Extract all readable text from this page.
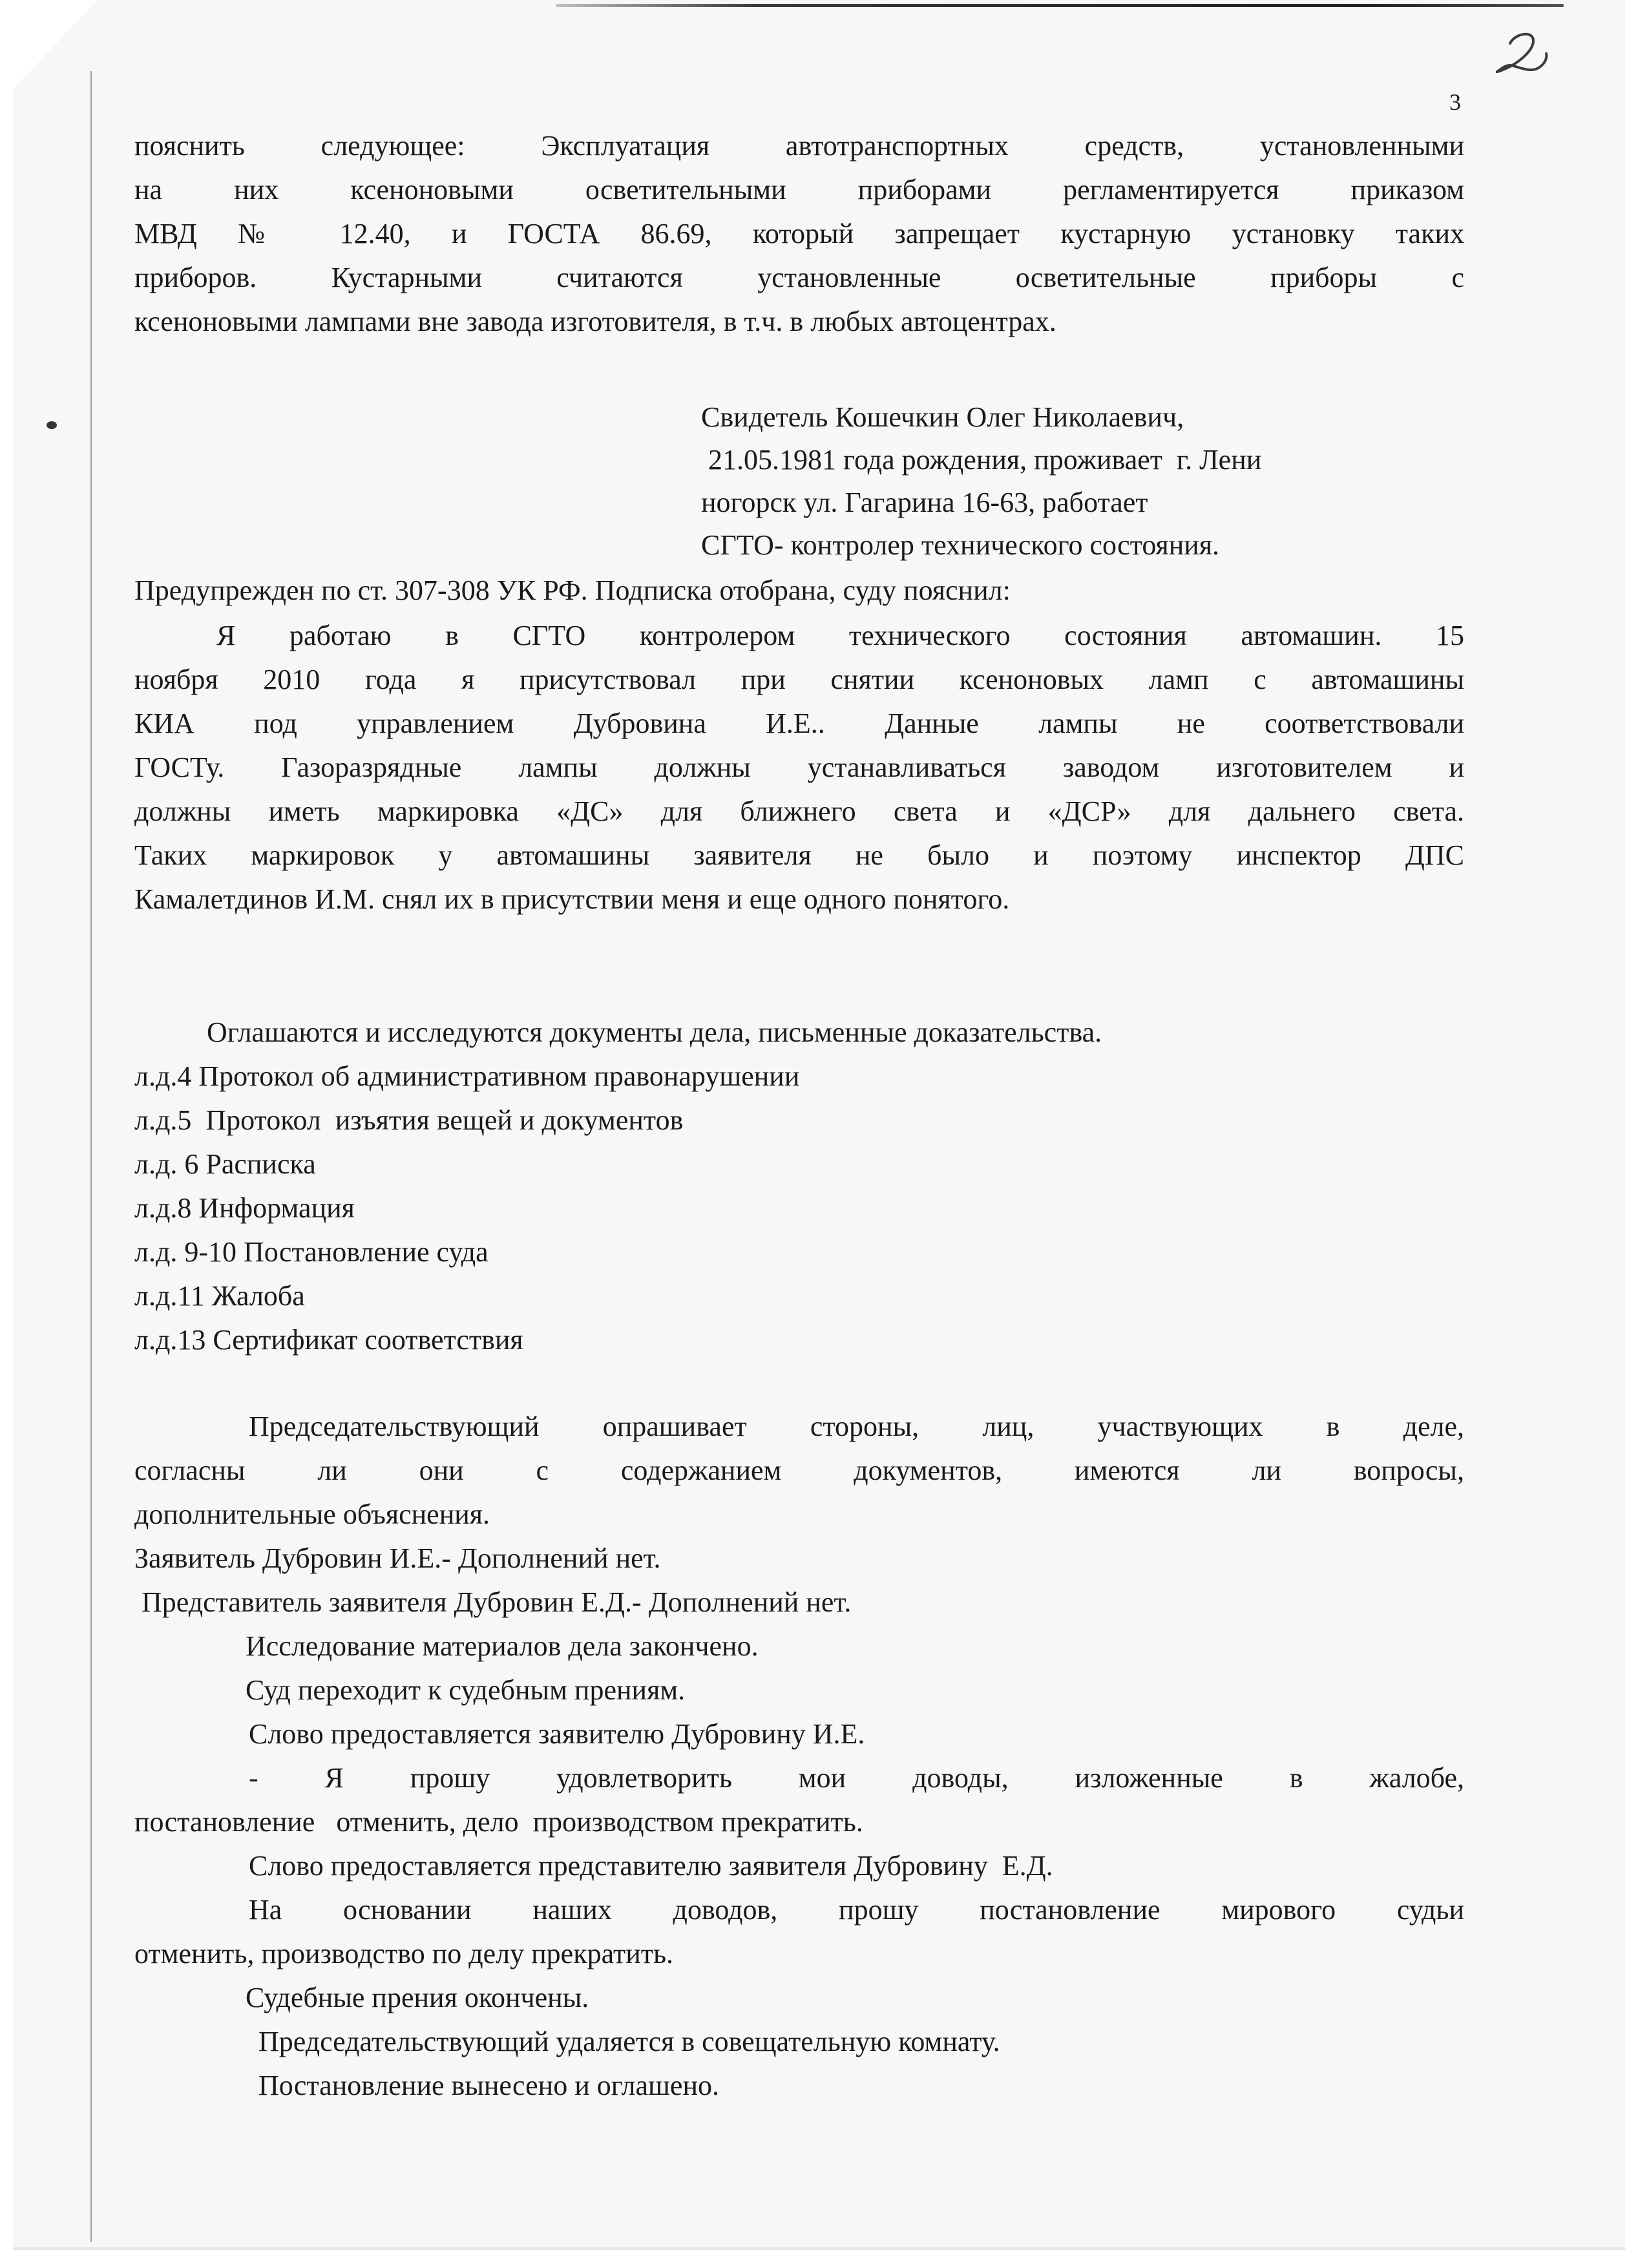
3
пояснить следующее: Эксплуатация автотранспортных средств, установленными
на них ксеноновыми осветительными приборами регламентируется приказом
МВД № 12.40, и ГОСТА 86.69, который запрещает кустарную установку таких
приборов. Кустарными считаются установленные осветительные приборы с
ксеноновыми лампами вне завода изготовителя, в т.ч. в любых автоцентрах.
Свидетель Кошечкин Олег Николаевич,
21.05.1981 года рождения, проживает  г. Лени
ногорск ул. Гагарина 16-63, работает
СГТО- контролер технического состояния.
Предупрежден по ст. 307-308 УК РФ. Подписка отобрана, суду пояснил:
Я работаю в СГТО контролером технического состояния автомашин. 15
ноября 2010 года я присутствовал при снятии ксеноновых ламп с автомашины
КИА под управлением Дубровина И.Е.. Данные лампы не соответствовали
ГОСТу. Газоразрядные лампы должны устанавливаться заводом изготовителем и
должны иметь маркировка «ДС» для ближнего света и «ДСР» для дальнего света.
Таких маркировок у автомашины заявителя не было и поэтому инспектор ДПС
Камалетдинов И.М. снял их в присутствии меня и еще одного понятого.
Оглашаются и исследуются документы дела, письменные доказательства.
л.д.4 Протокол об административном правонарушении
л.д.5  Протокол  изъятия вещей и документов
л.д. 6 Расписка
л.д.8 Информация
л.д. 9-10 Постановление суда
л.д.11 Жалоба
л.д.13 Сертификат соответствия
Председательствующий опрашивает стороны, лиц, участвующих в деле,
согласны ли они с содержанием документов, имеются ли вопросы,
дополнительные объяснения.
Заявитель Дубровин И.Е.- Дополнений нет.
Представитель заявителя Дубровин Е.Д.- Дополнений нет.
Исследование материалов дела закончено.
Суд переходит к судебным прениям.
Слово предоставляется заявителю Дубровину И.Е.
- Я прошу удовлетворить мои доводы, изложенные в жалобе,
постановление   отменить, дело  производством прекратить.
Слово предоставляется представителю заявителя Дубровину  Е.Д.
На основании наших доводов, прошу постановление мирового судьи
отменить, производство по делу прекратить.
Судебные прения окончены.
Председательствующий удаляется в совещательную комнату.
Постановление вынесено и оглашено.
